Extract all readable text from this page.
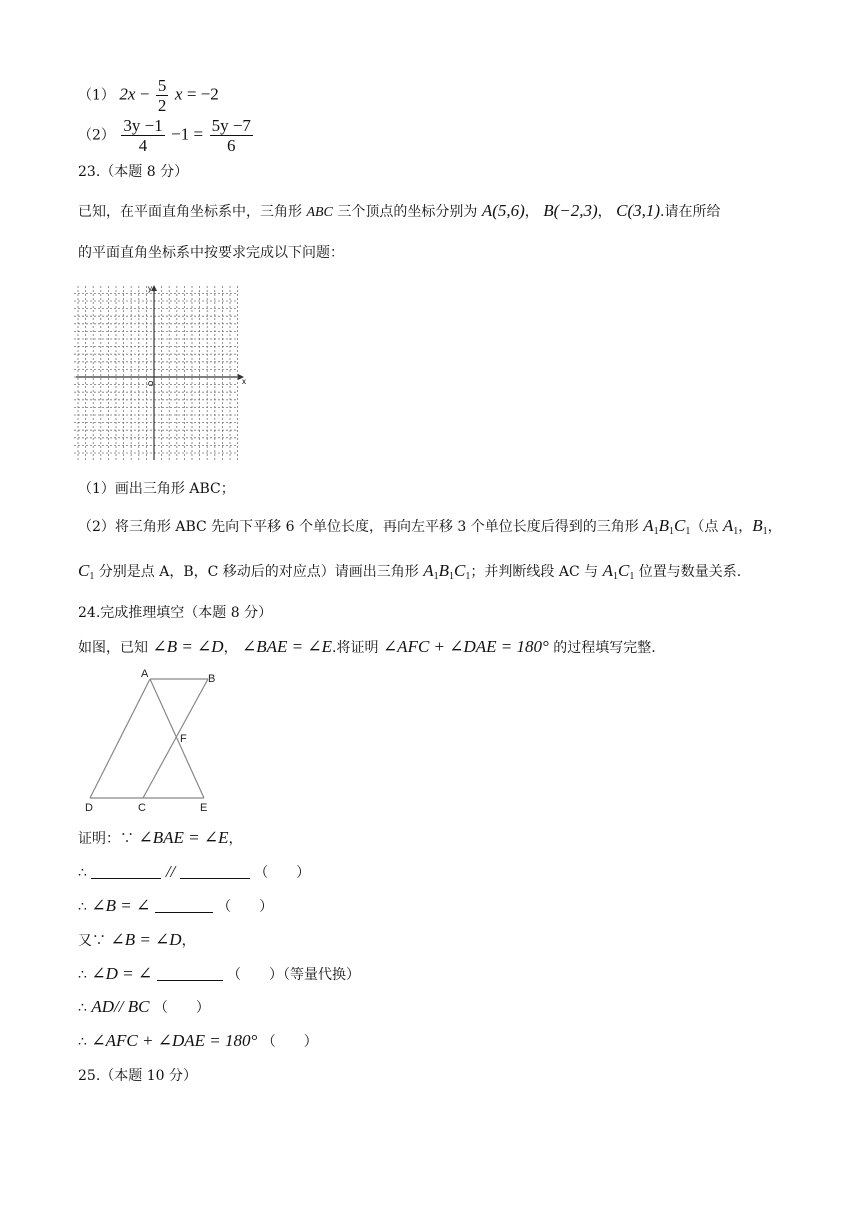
（1） $2x - \frac{5}{2}$ x = −2
$(2) \frac{3y -1}{4} -1 = \frac{5y -7}{6}$
23.（本题 8 分）
已知，在平面直角坐标系中，三角形 ABC 三个顶点的坐标分别为 A(5,6)， B(−2,3)， C(3,1).请在所给
的平面直角坐标系中按要求完成以下问题：
x
y
O
（1）画出三角形 ABC；
（2）将三角形 ABC 先向下平移 6 个单位长度，再向左平移 3 个单位长度后得到的三角形 $A_1B_1C_1$（点 $A_1$，$B_1$，
$C_1$ 分别是点 A，B，C 移动后的对应点）请画出三角形 $A_1B_1C_1$；并判断线段 AC 与 $A_1C_1$ 位置与数量关系.
24.完成推理填空（本题 8 分）
如图，已知 ∠B = ∠D， ∠BAE = ∠E.将证明 ∠AFC + ∠DAE = 180° 的过程填写完整.
A	B
F
D	C	E
证明：∵ ∠BAE = ∠E，
∴	//	（　　）
∴ ∠B = ∠	（　　）
又∵ ∠B = ∠D，
∴ ∠D = ∠	（　　）（等量代换）
∴ AD// BC （　　）
∴ ∠AFC + ∠DAE = 180° （　　）
25.（本题 10 分）
